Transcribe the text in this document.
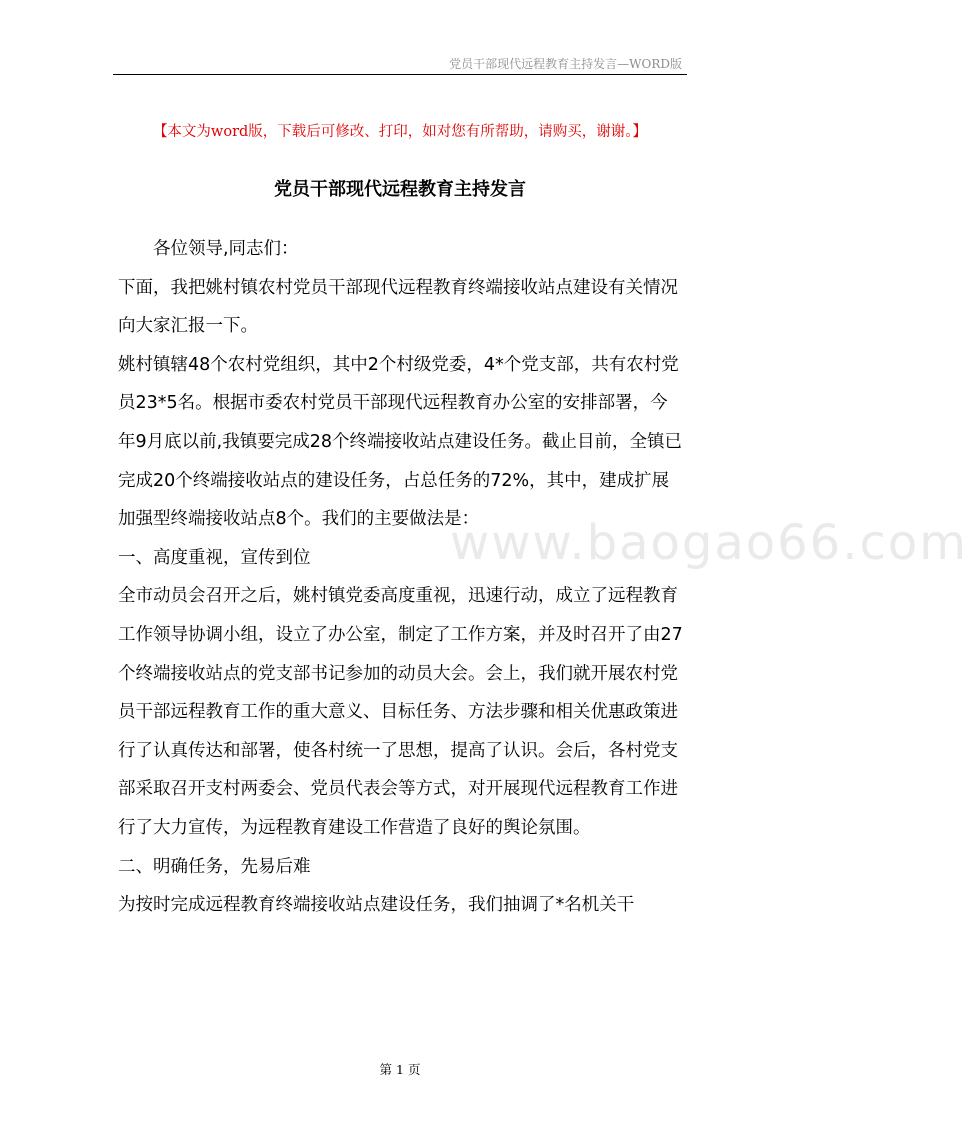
党员干部现代远程教育主持发言—WORD版
【本文为word版，下载后可修改、打印，如对您有所帮助，请购买，谢谢。】
党员干部现代远程教育主持发言

各位领导,同志们：

下面，我把姚村镇农村党员干部现代远程教育终端接收站点建设有关情况向大家汇报一下。

姚村镇辖48个农村党组织，其中2个村级党委，4*个党支部，共有农村党员23*5名。根据市委农村党员干部现代远程教育办公室的安排部署，今年9月底以前,我镇要完成28个终端接收站点建设任务。截止目前，全镇已完成20个终端接收站点的建设任务，占总任务的72%，其中，建成扩展加强型终端接收站点8个。我们的主要做法是：

一、高度重视，宣传到位

全市动员会召开之后，姚村镇党委高度重视，迅速行动，成立了远程教育工作领导协调小组，设立了办公室，制定了工作方案，并及时召开了由27个终端接收站点的党支部书记参加的动员大会。会上，我们就开展农村党员干部远程教育工作的重大意义、目标任务、方法步骤和相关优惠政策进行了认真传达和部署，使各村统一了思想，提高了认识。会后，各村党支部采取召开支村两委会、党员代表会等方式，对开展现代远程教育工作进行了大力宣传，为远程教育建设工作营造了良好的舆论氛围。

二、明确任务，先易后难

为按时完成远程教育终端接收站点建设任务，我们抽调了*名机关干

www.baogao66.com
第 1 页
